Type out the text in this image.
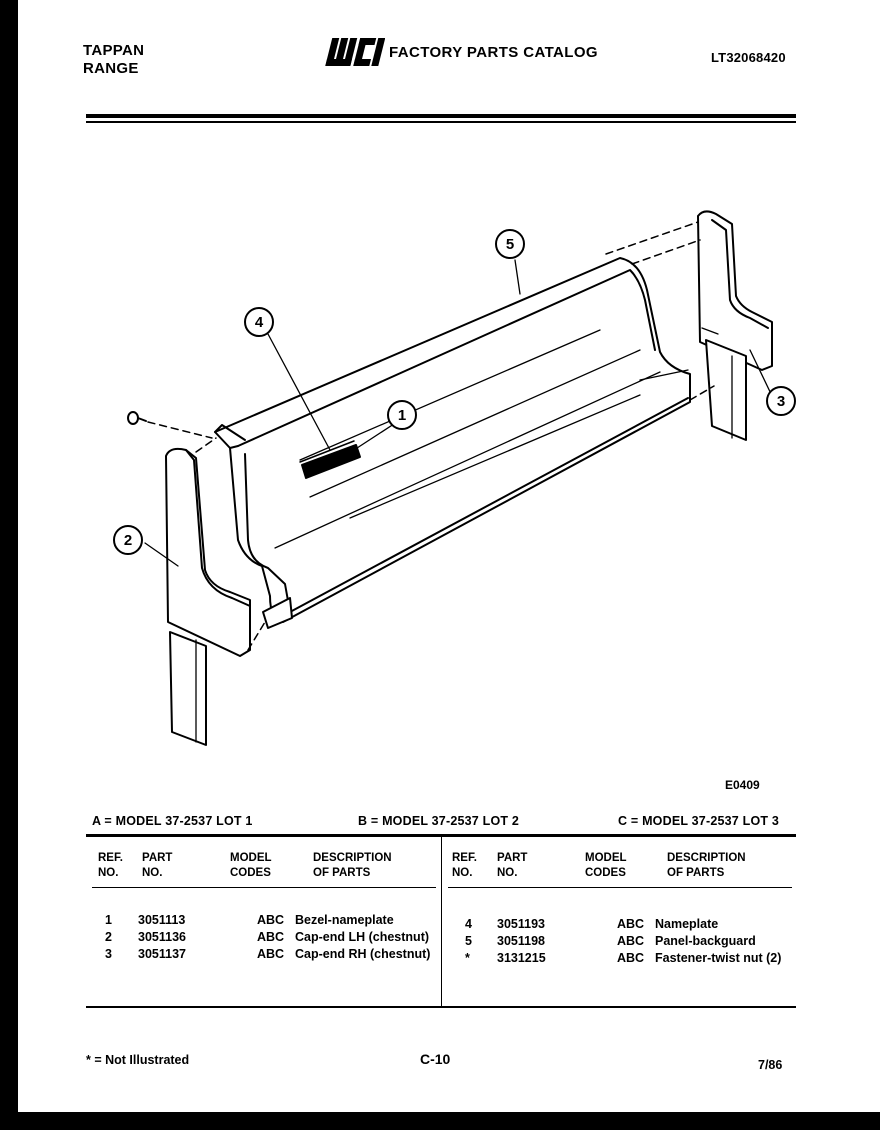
TAPPAN
RANGE
WCI
FACTORY PARTS CATALOG	LT32068420
1
2
3
4
5
E0409
A = MODEL 37-2537 LOT 1	B = MODEL 37-2537 LOT 2	C = MODEL 37-2537 LOT 3
REF.
NO.
PART
NO.
MODEL
CODES
DESCRIPTION
OF PARTS
REF.
NO.
PART
NO.
MODEL
CODES
DESCRIPTION
OF PARTS
1 3051113	ABC Bezel-nameplate
2 3051136	ABC Cap-end LH (chestnut)
3 3051137	ABC Cap-end RH (chestnut)
4 3051193	ABC Nameplate
5 3051198	ABC Panel-backguard
* 3131215	ABC Fastener-twist nut (2)
* = Not Illustrated	C-10	7/86
